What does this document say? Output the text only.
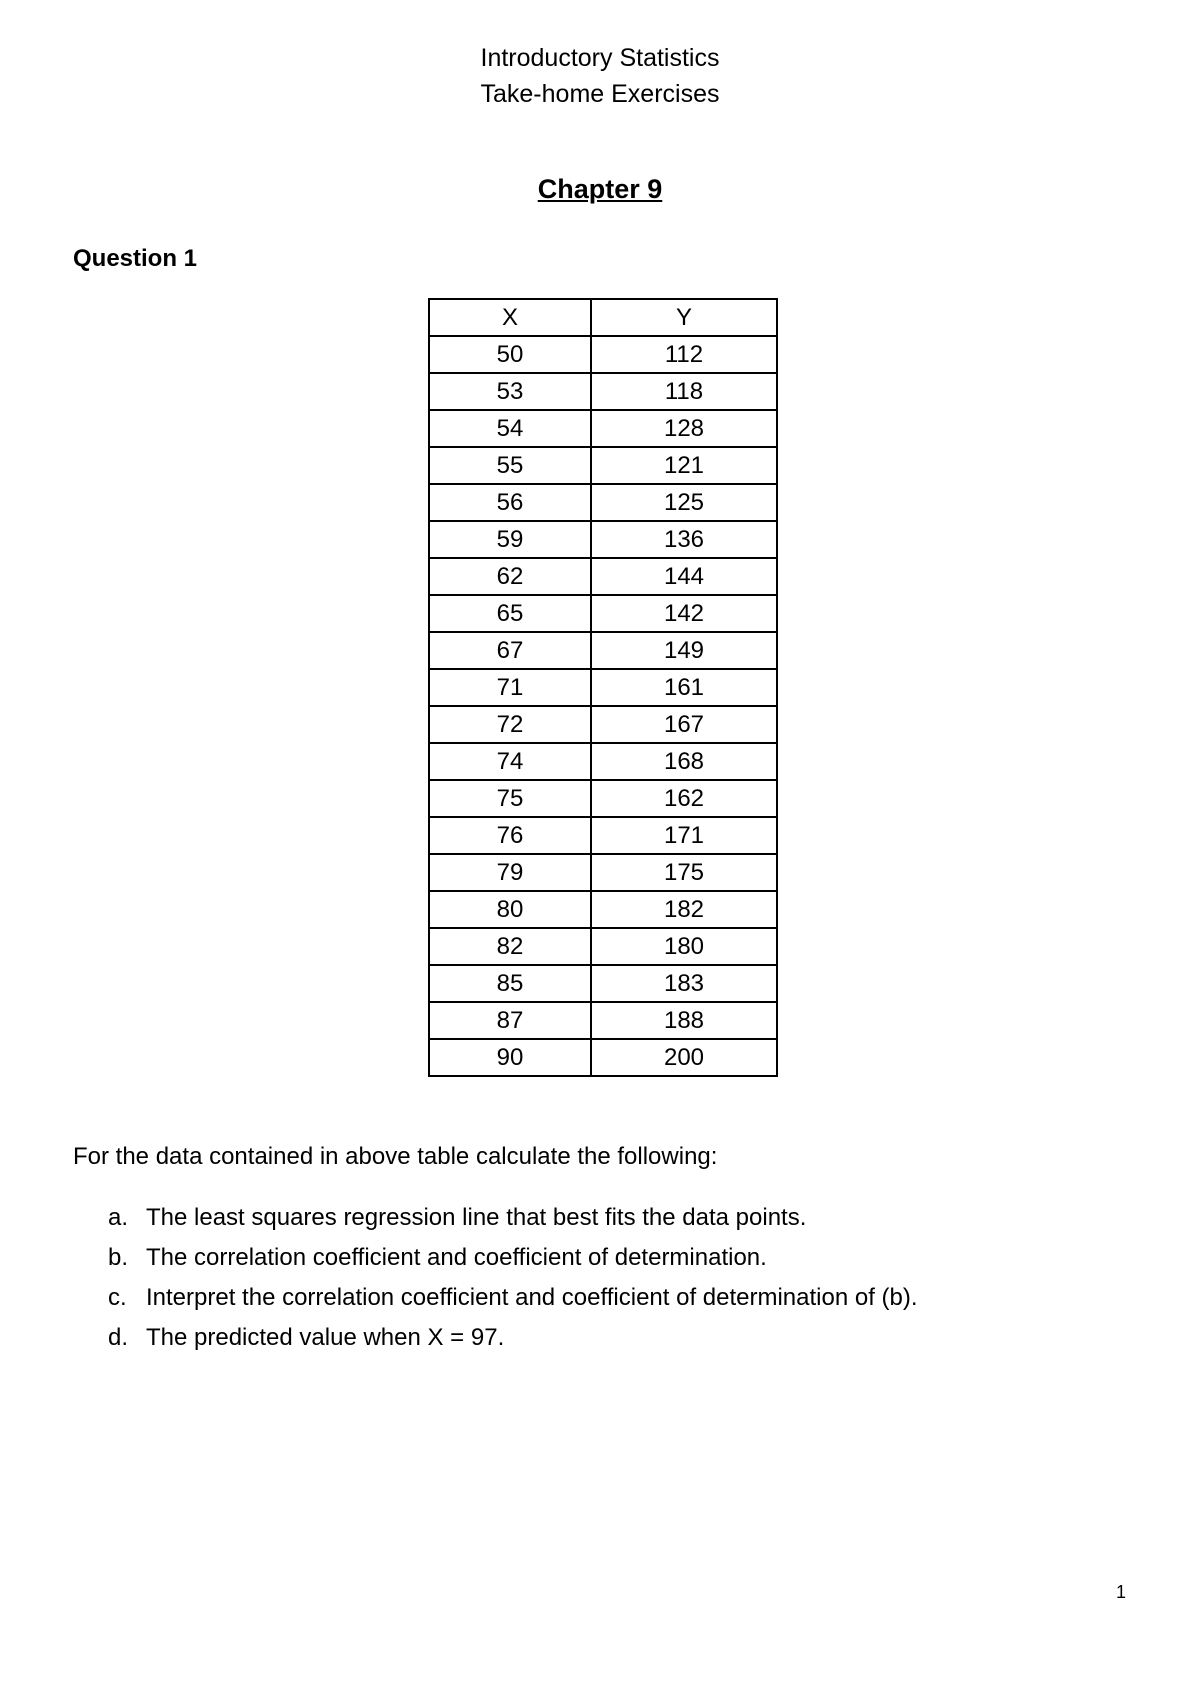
Introductory Statistics
Take-home Exercises
Chapter 9
Question 1
X	Y
50	112
53	118
54	128
55	121
56	125
59	136
62	144
65	142
67	149
71	161
72	167
74	168
75	162
76	171
79	175
80	182
82	180
85	183
87	188
90	200
For the data contained in above table calculate the following:
a. The least squares regression line that best fits the data points.
b. The correlation coefficient and coefficient of determination.
c. Interpret the correlation coefficient and coefficient of determination of (b).
d. The predicted value when X = 97.
1
